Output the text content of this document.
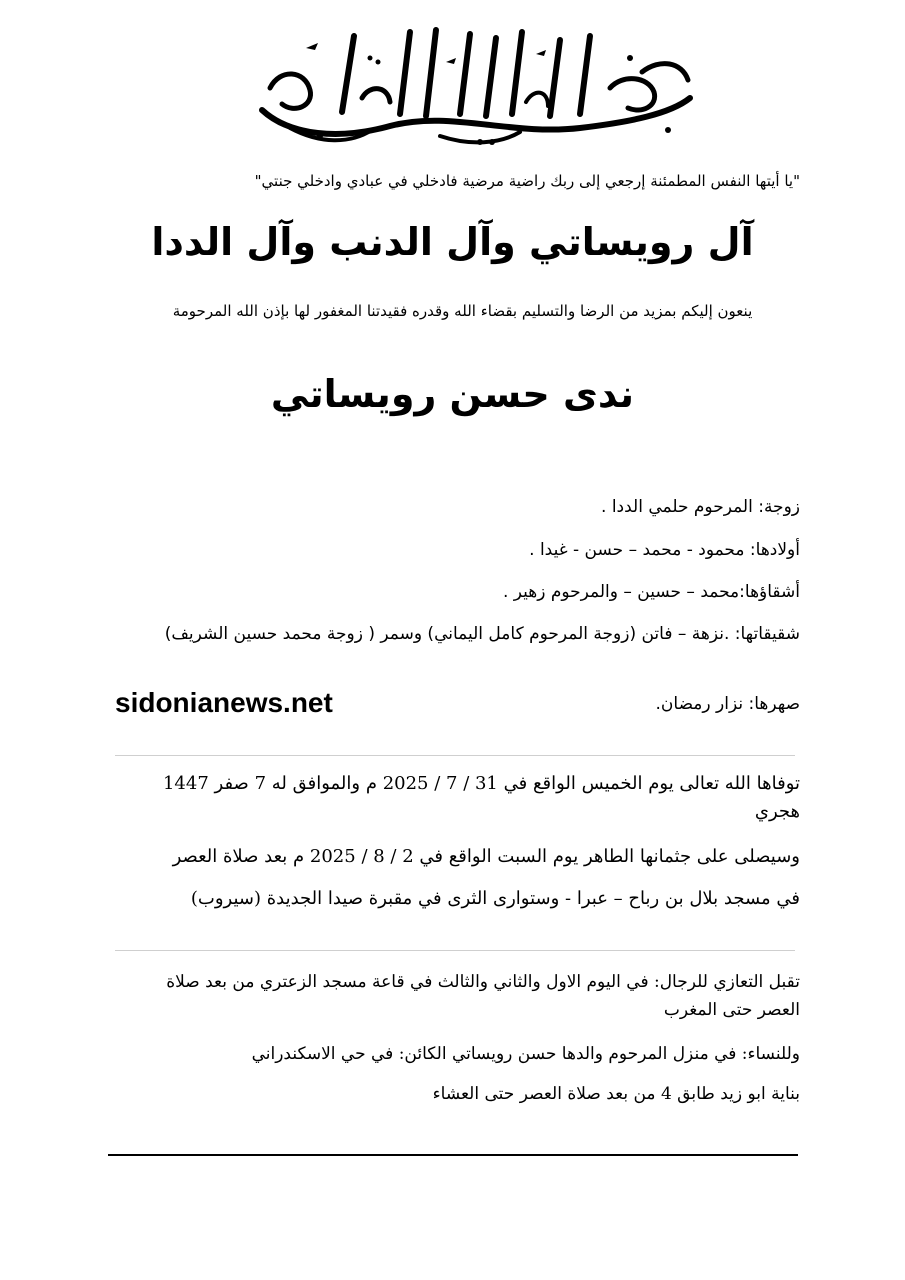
"يا أيتها النفس المطمئنة إرجعي إلى ربك راضية مرضية فادخلي في عبادي وادخلي جنتي"
آل رويساتي وآل الدنب وآل الددا
ينعون إليكم بمزيد من الرضا والتسليم بقضاء الله وقدره فقيدتنا المغفور لها بإذن الله المرحومة
ندى حسن رويساتي
زوجة: المرحوم حلمي الددا .
أولادها: محمود - محمد – حسن - غيدا .
أشقاؤها:محمد – حسين – والمرحوم زهير .
شقيقاتها: .نزهة – فاتن (زوجة المرحوم كامل اليماني) وسمر ( زوجة محمد حسين الشريف)
صهرها: نزار رمضان.
sidonianews.net
توفاها الله تعالى يوم الخميس الواقع في 31 / 7 / 2025 م والموافق له 7 صفر 1447 هجري
وسيصلى على جثمانها الطاهر يوم السبت الواقع في 2 / 8 / 2025 م بعد صلاة العصر
في مسجد بلال بن رباح – عبرا - وستوارى الثرى في مقبرة صيدا الجديدة (سيروب)
تقبل التعازي للرجال: في اليوم الاول والثاني والثالث في قاعة مسجد الزعتري من بعد صلاة العصر حتى المغرب
وللنساء: في منزل المرحوم والدها حسن رويساتي الكائن: في حي الاسكندراني
بناية ابو زيد طابق 4 من بعد صلاة العصر حتى العشاء
